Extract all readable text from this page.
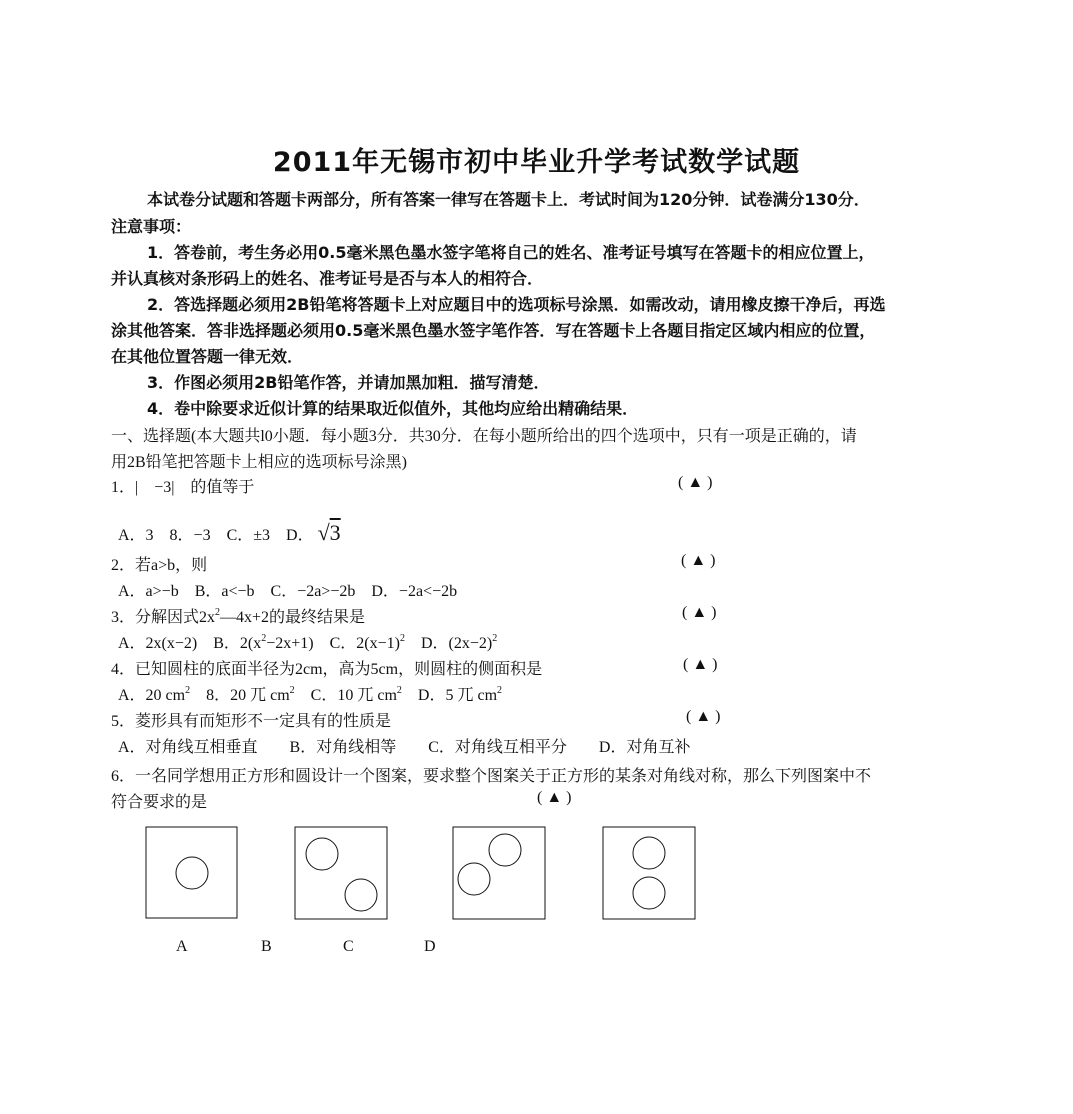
2011年无锡市初中毕业升学考试数学试题
本试卷分试题和答题卡两部分，所有答案一律写在答题卡上．考试时间为120分钟．试卷满分130分．
注意事项：
1．答卷前，考生务必用0.5毫米黑色墨水签字笔将自己的姓名、准考证号填写在答题卡的相应位置上，
并认真核对条形码上的姓名、准考证号是否与本人的相符合．
2．答选择题必须用2B铅笔将答题卡上对应题目中的选项标号涂黑．如需改动，请用橡皮擦干净后，再选
涂其他答案．答非选择题必须用0.5毫米黑色墨水签字笔作答．写在答题卡上各题目指定区域内相应的位置，
在其他位置答题一律无效．
3．作图必须用2B铅笔作答，并请加黑加粗．描写清楚．
4．卷中除要求近似计算的结果取近似值外，其他均应给出精确结果．
一、选择题(本大题共l0小题．每小题3分．共30分．在每小题所给出的四个选项中，只有一项是正确的，请
用2B铅笔把答题卡上相应的选项标号涂黑)
1．|　−3|　的值等于	( ▲ )
A．3　8．−3　C．±3　D． √3
2．若a>b，则	( ▲ )
A．a>−b　B．a<−b　C．−2a>−2b　D．−2a<−2b
3．分解因式$2x^2—4x+2$的最终结果是	( ▲ )
A．2x(x−2)　B．$2(x^2-2x+1)$　C．$2(x-1)^2$　D．$(2x-2)^2$
4．已知圆柱的底面半径为2cm，高为5cm，则圆柱的侧面积是	( ▲ )
A．20 $cm^2$　8．20 兀 $cm^2$　C．10 兀 $cm^2$　D．5 兀 $cm^2$
5．菱形具有而矩形不一定具有的性质是	( ▲ )
A．对角线互相垂直　　B．对角线相等　　C．对角线互相平分　　D．对角互补
6．一名同学想用正方形和圆设计一个图案，要求整个图案关于正方形的某条对角线对称，那么下列图案中不
符合要求的是	( ▲ )
A	B	C	D
